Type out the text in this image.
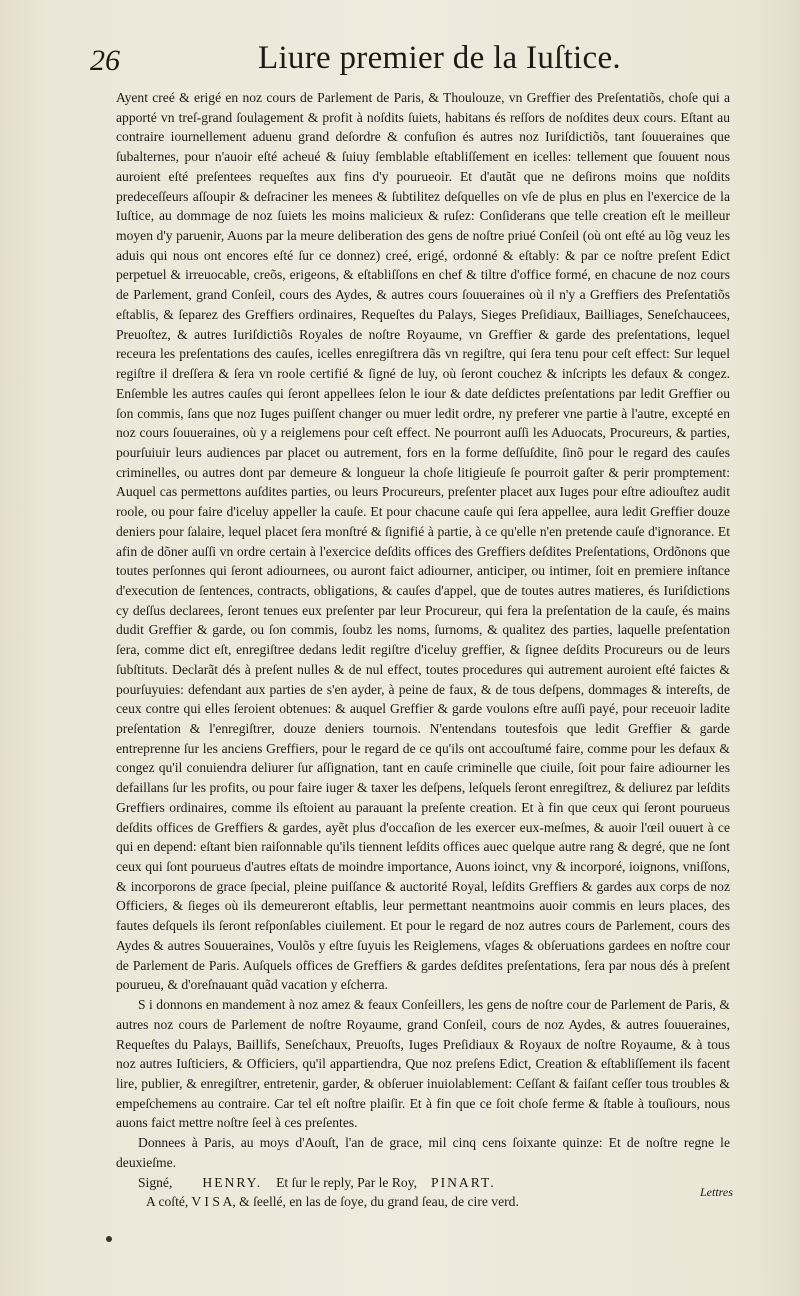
26	Liure premier de la Iuſtice.

Ayent creé & erigé en noz cours de Parlement de Paris, & Thoulouze, vn Greffier des Preſentatiõs, choſe qui a apporté vn treſ-grand ſoulagement & profit à noſdits ſuiets, habitans és reſſors de noſdites deux cours. Eſtant au contraire iournellement aduenu grand deſordre & confuſion és autres noz Iuriſdictiõs, tant ſouueraines que ſubalternes, pour n'auoir eſté acheué & ſuiuy ſemblable eſtabliſſement en icelles: tellement que ſouuent nous auroient eſté preſentees requeſtes aux fins d'y pourueoir. Et d'autãt que ne deſirons moins que noſdits predeceſſeurs aſſoupir & deſraciner les menees & ſubtilitez deſquelles on vſe de plus en plus en l'exercice de la Iuſtice, au dommage de noz ſuiets les moins malicieux & ruſez: Conſiderans que telle creation eſt le meilleur moyen d'y paruenir, Auons par la meure deliberation des gens de noſtre priué Conſeil (où ont eſté au lõg veuz les aduis qui nous ont encores eſté ſur ce donnez) creé, erigé, ordonné & eſtably: & par ce noſtre preſent Edict perpetuel & irreuocable, creõs, erigeons, & eſtabliſſons en chef & tiltre d'office formé, en chacune de noz cours de Parlement, grand Conſeil, cours des Aydes, & autres cours ſouueraines où il n'y a Greffiers des Preſentatiõs eſtablis, & ſeparez des Greffiers ordinaires, Requeſtes du Palays, Sieges Preſidiaux, Bailliages, Seneſchaucees, Preuoſtez, & autres Iuriſdictiõs Royales de noſtre Royaume, vn Greffier & garde des preſentations, lequel receura les preſentations des cauſes, icelles enregiſtrera dãs vn regiſtre, qui ſera tenu pour ceſt effect: Sur lequel regiſtre il dreſſera & ſera vn roole certifié & ſigné de luy, où ſeront couchez & inſcripts les defaux & congez. Enſemble les autres cauſes qui ſeront appellees ſelon le iour & date deſdictes preſentations par ledit Greffier ou ſon commis, ſans que noz Iuges puiſſent changer ou muer ledit ordre, ny preferer vne partie à l'autre, excepté en noz cours ſouueraines, où y a reiglemens pour ceſt effect. Ne pourront auſſi les Aduocats, Procureurs, & parties, pourſuiuir leurs audiences par placet ou autrement, fors en la forme deſſuſdite, ſinõ pour le regard des cauſes criminelles, ou autres dont par demeure & longueur la choſe litigieuſe ſe pourroit gaſter & perir promptement: Auquel cas permettons auſdites parties, ou leurs Procureurs, preſenter placet aux Iuges pour eſtre adiouſtez audit roole, ou pour faire d'iceluy appeller la cauſe. Et pour chacune cauſe qui ſera appellee, aura ledit Greffier douze deniers pour ſalaire, lequel placet ſera monſtré & ſignifié à partie, à ce qu'elle n'en pretende cauſe d'ignorance. Et afin de dõner auſſi vn ordre certain à l'exercice deſdits offices des Greffiers deſdites Preſentations, Ordõnons que toutes perſonnes qui ſeront adiournees, ou auront faict adiourner, anticiper, ou intimer, ſoit en premiere inſtance d'execution de ſentences, contracts, obligations, & cauſes d'appel, que de toutes autres matieres, és Iuriſdictions cy deſſus declarees, ſeront tenues eux preſenter par leur Procureur, qui fera la preſentation de la cauſe, és mains dudit Greffier & garde, ou ſon commis, ſoubz les noms, ſurnoms, & qualitez des parties, laquelle preſentation ſera, comme dict eſt, enregiſtree dedans ledit regiſtre d'iceluy greffier, & ſignee deſdits Procureurs ou de leurs ſubſtituts. Declarãt dés à preſent nulles & de nul effect, toutes procedures qui autrement auroient eſté faictes & pourſuyuies: defendant aux parties de s'en ayder, à peine de faux, & de tous deſpens, dommages & intereſts, de ceux contre qui elles ſeroient obtenues: & auquel Greffier & garde voulons eſtre auſſi payé, pour receuoir ladite preſentation & l'enregiſtrer, douze deniers tournois. N'entendans toutesfois que ledit Greffier & garde entreprenne ſur les anciens Greffiers, pour le regard de ce qu'ils ont accouſtumé faire, comme pour les defaux & congez qu'il conuiendra deliurer ſur aſſignation, tant en cauſe criminelle que ciuile, ſoit pour faire adiourner les defaillans ſur les profits, ou pour faire iuger & taxer les deſpens, leſquels ſeront enregiſtrez, & deliurez par leſdits Greffiers ordinaires, comme ils eſtoient au parauant la preſente creation. Et à fin que ceux qui ſeront pourueus deſdits offices de Greffiers & gardes, ayẽt plus d'occaſion de les exercer eux-meſmes, & auoir l'œil ouuert à ce qui en depend: eſtant bien raiſonnable qu'ils tiennent leſdits offices auec quelque autre rang & degré, que ne ſont ceux qui ſont pourueus d'autres eſtats de moindre importance, Auons ioinct, vny & incorporé, ioignons, vniſſons, & incorporons de grace ſpecial, pleine puiſſance & auctorité Royal, leſdits Greffiers & gardes aux corps de noz Officiers, & ſieges où ils demeureront eſtablis, leur permettant neantmoins auoir commis en leurs places, des fautes deſquels ils ſeront reſponſables ciuilement. Et pour le regard de noz autres cours de Parlement, cours des Aydes & autres Souueraines, Voulõs y eſtre ſuyuis les Reiglemens, vſages & obſeruations gardees en noſtre cour de Parlement de Paris. Auſquels offices de Greffiers & gardes deſdites preſentations, ſera par nous dés à preſent pourueu, & d'oreſnauant quãd vacation y eſcherra.

S i donnons en mandement à noz amez & feaux Conſeillers, les gens de noſtre cour de Parlement de Paris, & autres noz cours de Parlement de noſtre Royaume, grand Conſeil, cours de noz Aydes, & autres ſouueraines, Requeſtes du Palays, Baillifs, Seneſchaux, Preuoſts, Iuges Preſidiaux & Royaux de noſtre Royaume, & à tous noz autres Iuſticiers, & Officiers, qu'il appartiendra, Que noz preſens Edict, Creation & eſtabliſſement ils facent lire, publier, & enregiſtrer, entretenir, garder, & obſeruer inuiolablement: Ceſſant & faiſant ceſſer tous troubles & empeſchemens au contraire. Car tel eſt noſtre plaiſir. Et à fin que ce ſoit choſe ferme & ſtable à touſiours, nous auons faict mettre noſtre ſeel à ces preſentes.

Donnees à Paris, au moys d'Aouſt, l'an de grace, mil cinq cens ſoixante quinze: Et de noſtre regne le deuxieſme.

Signé, HENRY. Et ſur le reply, Par le Roy, PINART.

A coſté, V I S A, & ſeellé, en las de ſoye, du grand ſeau, de cire verd.

Lettres
